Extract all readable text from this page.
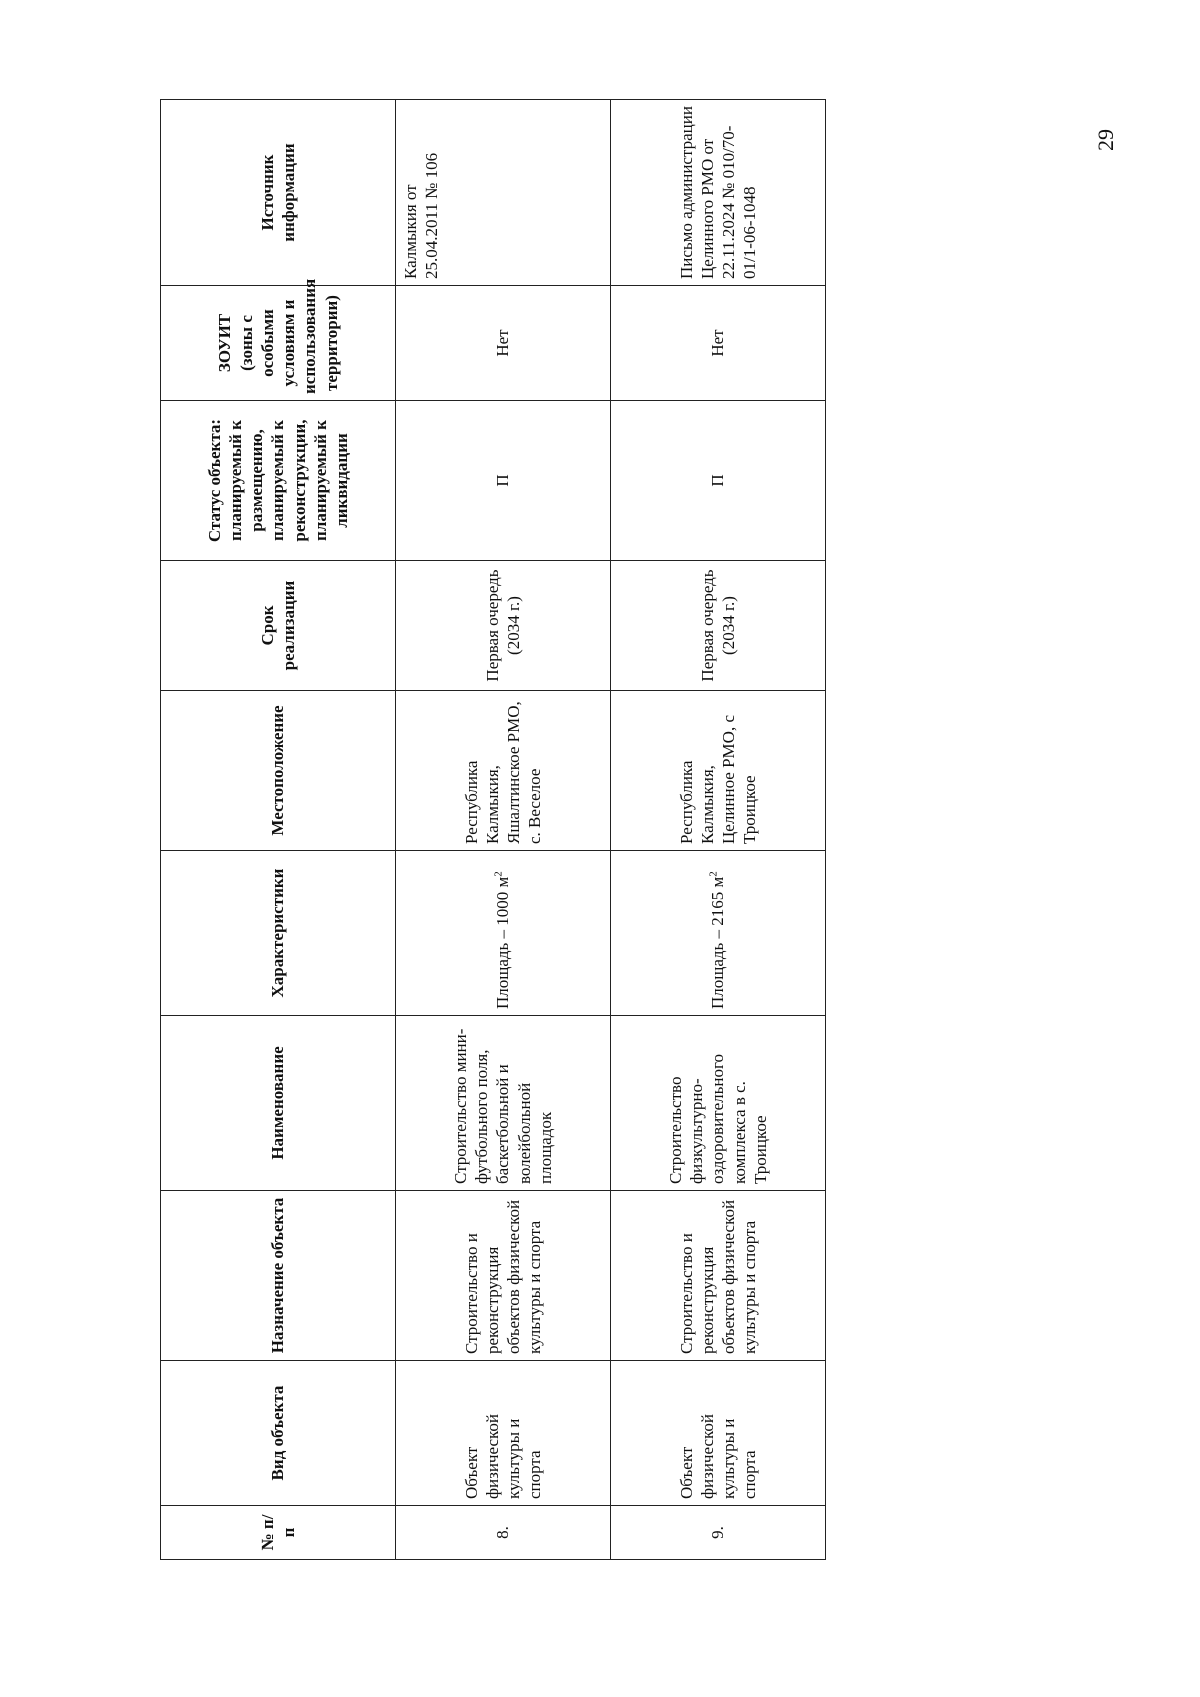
29
№ п/п	Вид объекта	Назначение объекта	Наименование	Характеристики	Местоположение	Срок реализации	Статус объекта: планируемый к размещению, планируемый к реконструкции, планируемый к ликвидации	ЗОУИТ (зоны с особыми условиям и использования территории)	Источник информации
8.	Объект физической культуры и спорта	Строительство и реконструкция объектов физической культуры и спорта	Строительство мини-футбольного поля, баскетбольной и волейбольной площадок	Площадь – 1000 $м^2$	Республика Калмыкия, Яшалтинское РМО, с. Веселое	Первая очередь (2034 г.)	П	Нет	Калмыкия от 25.04.2011 № 106
9.	Объект физической культуры и спорта	Строительство и реконструкция объектов физической культуры и спорта	Строительство физкультурно-оздоровительного комплекса в с. Троицкое	Площадь – 2165 $м^2$	Республика Калмыкия, Целинное РМО, с Троицкое	Первая очередь (2034 г.)	П	Нет	Письмо администрации Целинного РМО от 22.11.2024 № 010/70-01/1-06-1048
